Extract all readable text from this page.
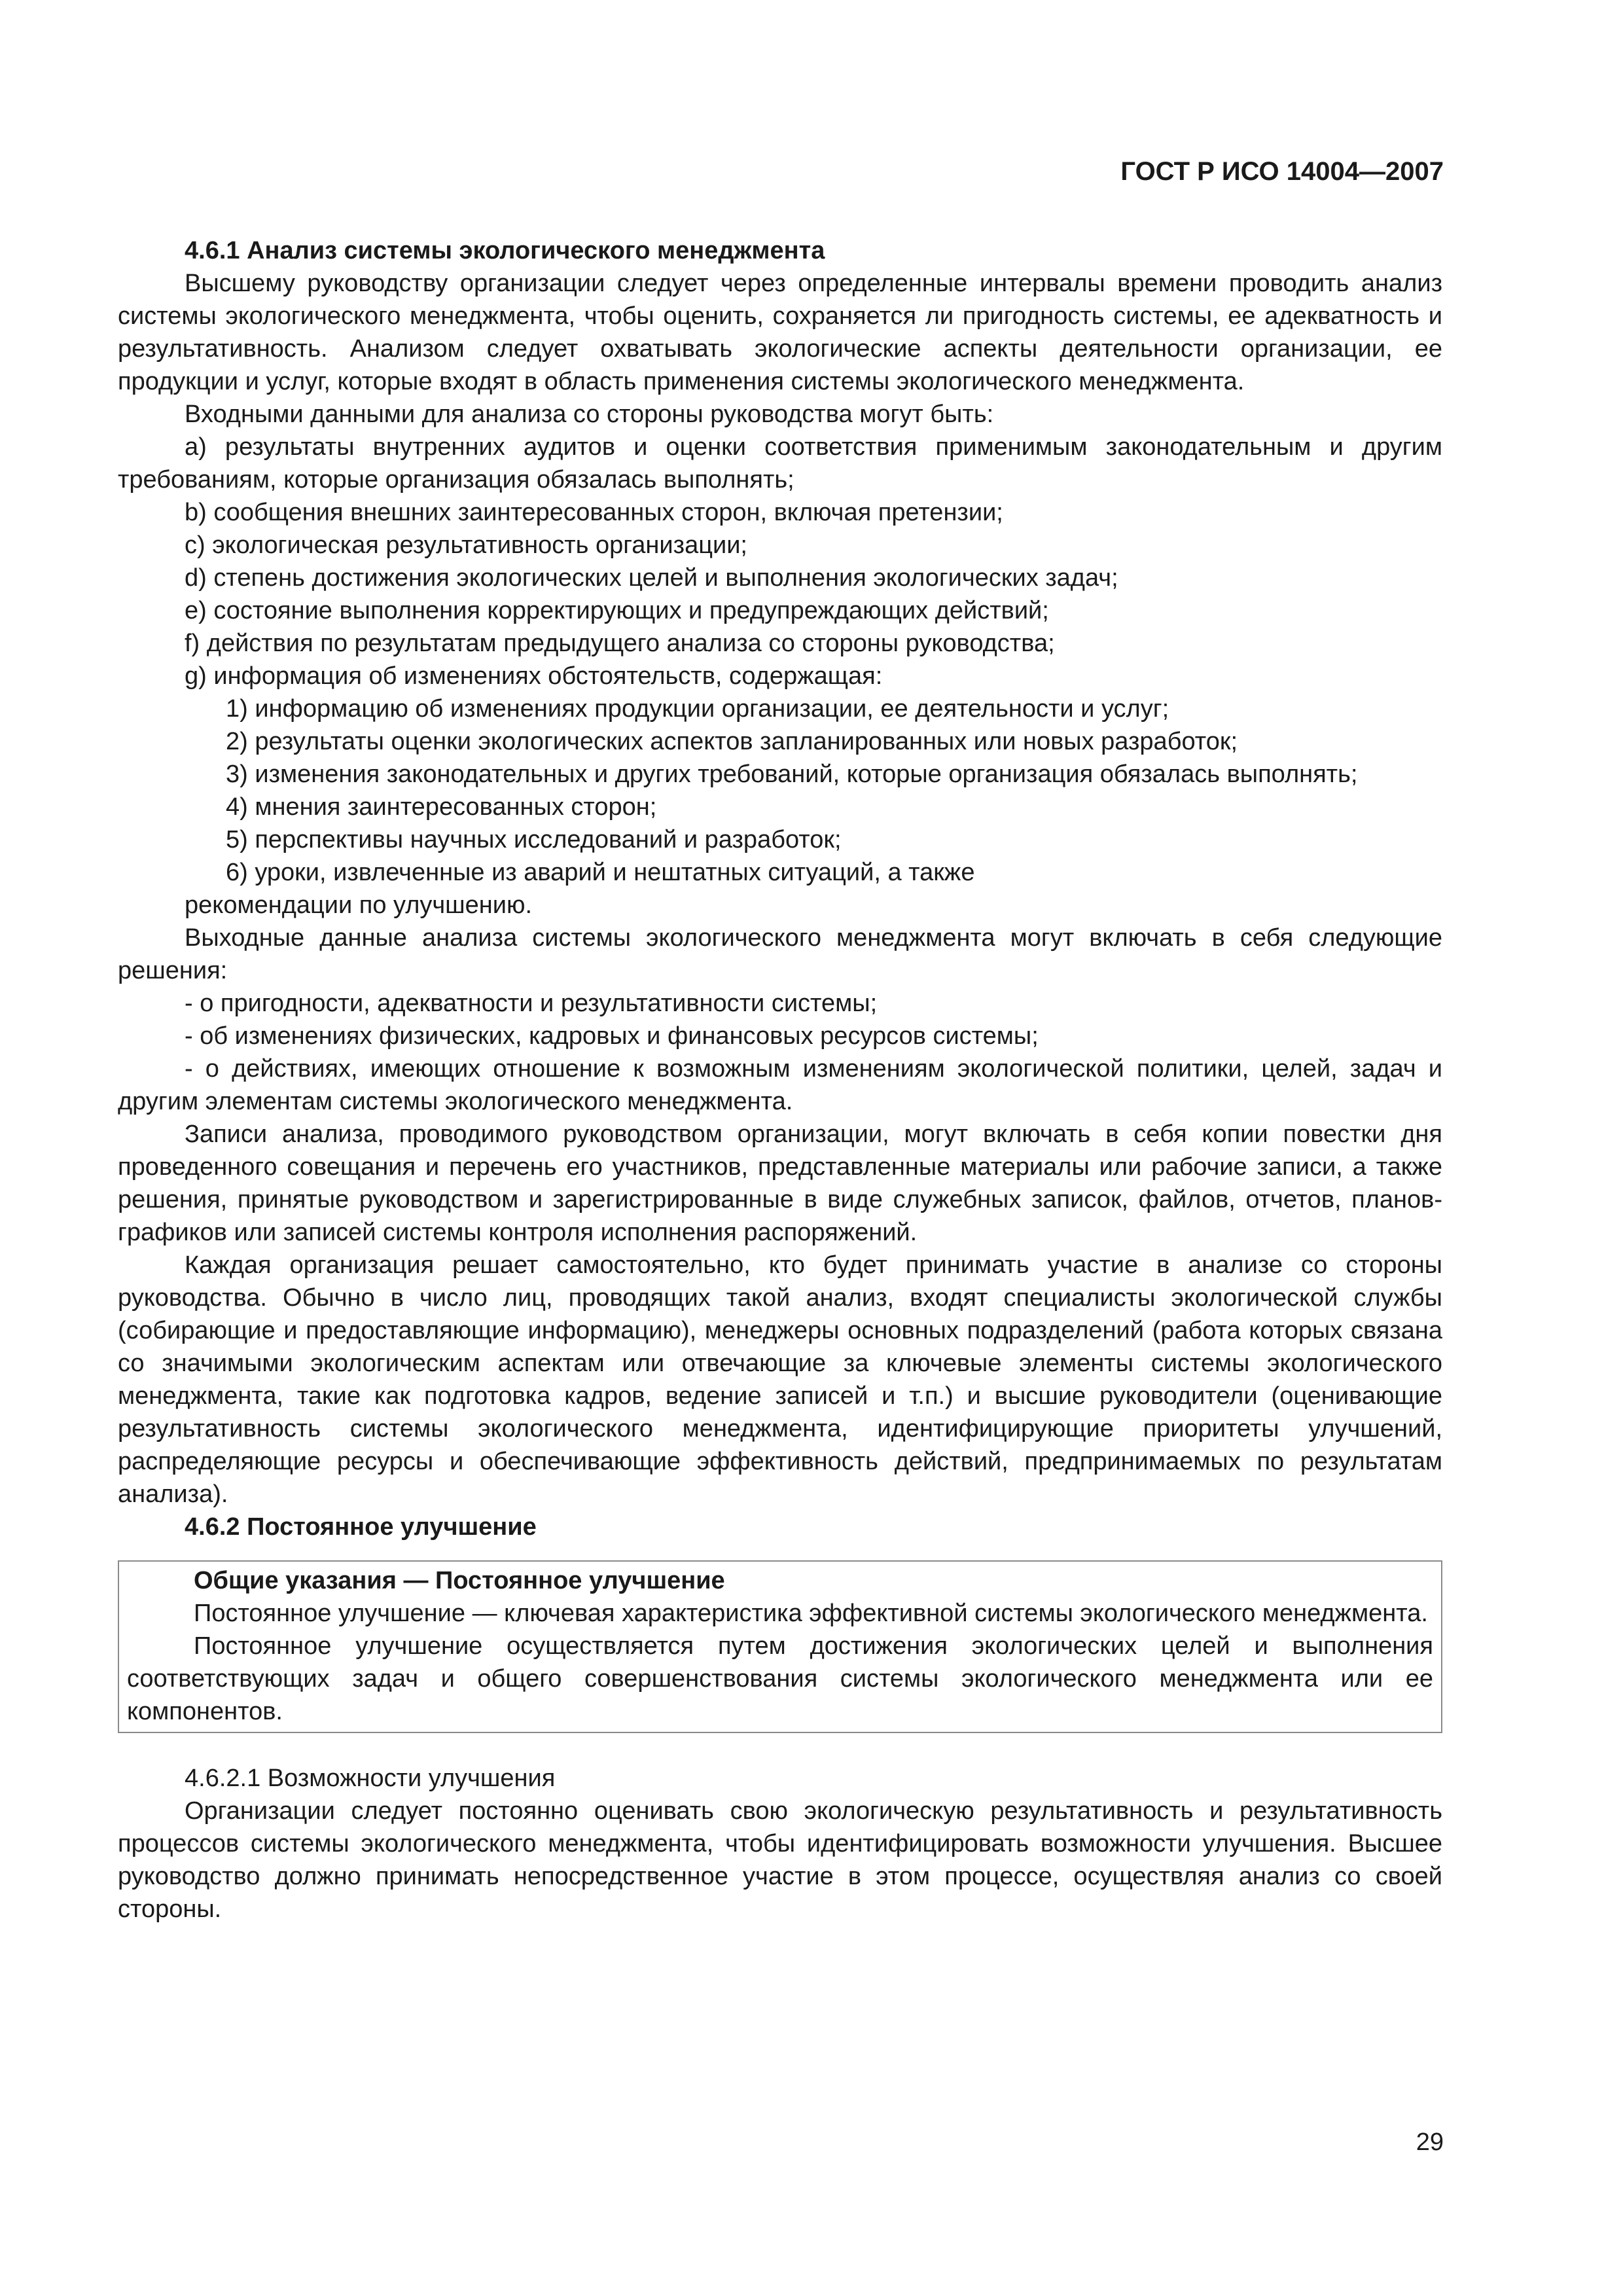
ГОСТ Р ИСО 14004—2007

4.6.1 Анализ системы экологического менеджмента

Высшему руководству организации следует через определенные интервалы времени проводить анализ системы экологического менеджмента, чтобы оценить, сохраняется ли пригодность системы, ее адекватность и результативность. Анализом следует охватывать экологические аспекты деятельности организации, ее продукции и услуг, которые входят в область применения системы экологического менеджмента.

Входными данными для анализа со стороны руководства могут быть:

а) результаты внутренних аудитов и оценки соответствия применимым законодательным и другим требованиям, которые организация обязалась выполнять;

b) сообщения внешних заинтересованных сторон, включая претензии;

с) экологическая результативность организации;

d) степень достижения экологических целей и выполнения экологических задач;

е) состояние выполнения корректирующих и предупреждающих действий;

f) действия по результатам предыдущего анализа со стороны руководства;

g) информация об изменениях обстоятельств, содержащая:

1) информацию об изменениях продукции организации, ее деятельности и услуг;

2) результаты оценки экологических аспектов запланированных или новых разработок;

3) изменения законодательных и других требований, которые организация обязалась выполнять;

4) мнения заинтересованных сторон;

5) перспективы научных исследований и разработок;

6) уроки, извлеченные из аварий и нештатных ситуаций, а также

рекомендации по улучшению.

Выходные данные анализа системы экологического менеджмента могут включать в себя следующие решения:

- о пригодности, адекватности и результативности системы;

- об изменениях физических, кадровых и финансовых ресурсов системы;

- о действиях, имеющих отношение к возможным изменениям экологической политики, целей, задач и другим элементам системы экологического менеджмента.

Записи анализа, проводимого руководством организации, могут включать в себя копии повестки дня проведенного совещания и перечень его участников, представленные материалы или рабочие записи, а также решения, принятые руководством и зарегистрированные в виде служебных записок, файлов, отчетов, планов-графиков или записей системы контроля исполнения распоряжений.

Каждая организация решает самостоятельно, кто будет принимать участие в анализе со стороны руководства. Обычно в число лиц, проводящих такой анализ, входят специалисты экологической службы (собирающие и предоставляющие информацию), менеджеры основных подразделений (работа которых связана со значимыми экологическим аспектам или отвечающие за ключевые элементы системы экологического менеджмента, такие как подготовка кадров, ведение записей и т.п.) и высшие руководители (оценивающие результативность системы экологического менеджмента, идентифицирующие приоритеты улучшений, распределяющие ресурсы и обеспечивающие эффективность действий, предпринимаемых по результатам анализа).

4.6.2 Постоянное улучшение

Общие указания — Постоянное улучшение

Постоянное улучшение — ключевая характеристика эффективной системы экологического менеджмента.

Постоянное улучшение осуществляется путем достижения экологических целей и выполнения соответствующих задач и общего совершенствования системы экологического менеджмента или ее компонентов.

4.6.2.1 Возможности улучшения

Организации следует постоянно оценивать свою экологическую результативность и результативность процессов системы экологического менеджмента, чтобы идентифицировать возможности улучшения. Высшее руководство должно принимать непосредственное участие в этом процессе, осуществляя анализ со своей стороны.

29
